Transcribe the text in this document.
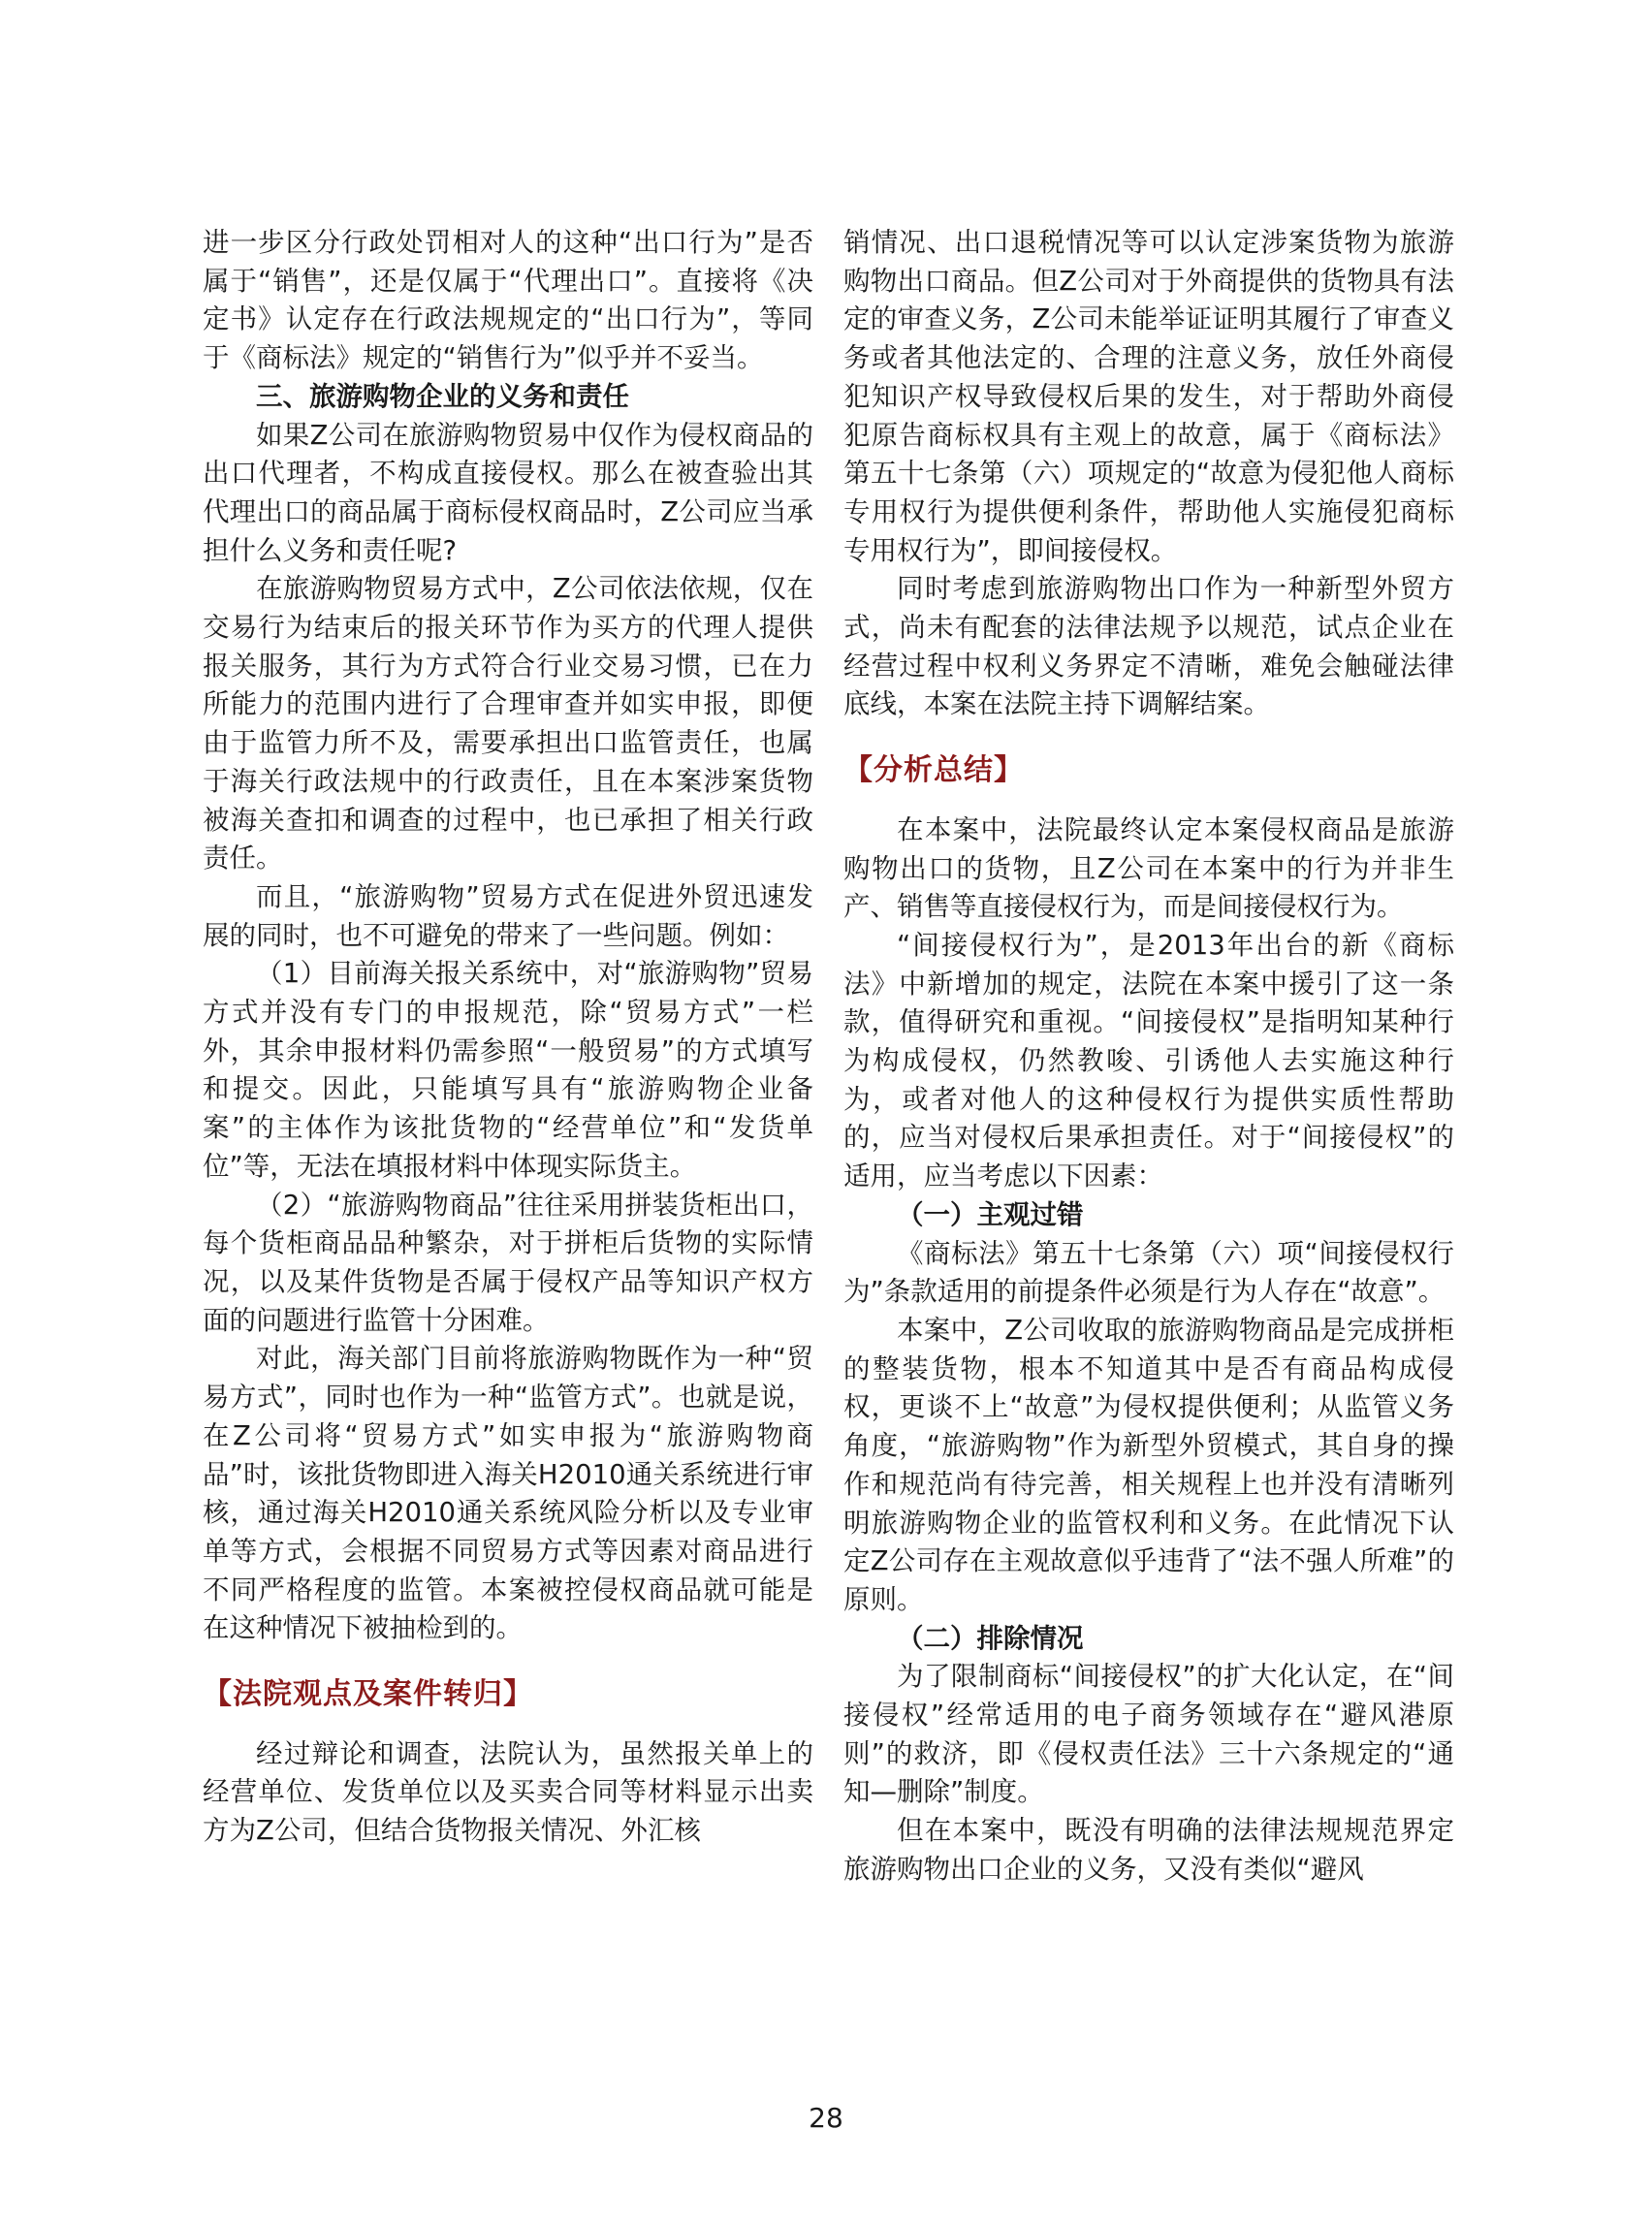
进一步区分行政处罚相对人的这种“出口行为”是否属于“销售”，还是仅属于“代理出口”。直接将《决定书》认定存在行政法规规定的“出口行为”，等同于《商标法》规定的“销售行为”似乎并不妥当。

三、旅游购物企业的义务和责任

如果Z公司在旅游购物贸易中仅作为侵权商品的出口代理者，不构成直接侵权。那么在被查验出其代理出口的商品属于商标侵权商品时，Z公司应当承担什么义务和责任呢?

在旅游购物贸易方式中，Z公司依法依规，仅在交易行为结束后的报关环节作为买方的代理人提供报关服务，其行为方式符合行业交易习惯，已在力所能力的范围内进行了合理审查并如实申报，即便由于监管力所不及，需要承担出口监管责任，也属于海关行政法规中的行政责任，且在本案涉案货物被海关查扣和调查的过程中，也已承担了相关行政责任。

而且，“旅游购物”贸易方式在促进外贸迅速发展的同时，也不可避免的带来了一些问题。例如：

（1）目前海关报关系统中，对“旅游购物”贸易方式并没有专门的申报规范，除“贸易方式”一栏外，其余申报材料仍需参照“一般贸易”的方式填写和提交。因此，只能填写具有“旅游购物企业备案”的主体作为该批货物的“经营单位”和“发货单位”等，无法在填报材料中体现实际货主。

（2）“旅游购物商品”往往采用拼装货柜出口，每个货柜商品品种繁杂，对于拼柜后货物的实际情况，以及某件货物是否属于侵权产品等知识产权方面的问题进行监管十分困难。

对此，海关部门目前将旅游购物既作为一种“贸易方式”，同时也作为一种“监管方式”。也就是说，在Z公司将“贸易方式”如实申报为“旅游购物商品”时，该批货物即进入海关H2010通关系统进行审核，通过海关H2010通关系统风险分析以及专业审单等方式，会根据不同贸易方式等因素对商品进行不同严格程度的监管。本案被控侵权商品就可能是在这种情况下被抽检到的。

【法院观点及案件转归】

经过辩论和调查，法院认为，虽然报关单上的经营单位、发货单位以及买卖合同等材料显示出卖方为Z公司，但结合货物报关情况、外汇核

销情况、出口退税情况等可以认定涉案货物为旅游购物出口商品。但Z公司对于外商提供的货物具有法定的审查义务，Z公司未能举证证明其履行了审查义务或者其他法定的、合理的注意义务，放任外商侵犯知识产权导致侵权后果的发生，对于帮助外商侵犯原告商标权具有主观上的故意，属于《商标法》第五十七条第（六）项规定的“故意为侵犯他人商标专用权行为提供便利条件，帮助他人实施侵犯商标专用权行为”，即间接侵权。

同时考虑到旅游购物出口作为一种新型外贸方式，尚未有配套的法律法规予以规范，试点企业在经营过程中权利义务界定不清晰，难免会触碰法律底线，本案在法院主持下调解结案。

【分析总结】

在本案中，法院最终认定本案侵权商品是旅游购物出口的货物，且Z公司在本案中的行为并非生产、销售等直接侵权行为，而是间接侵权行为。

“间接侵权行为”，是2013年出台的新《商标法》中新增加的规定，法院在本案中援引了这一条款，值得研究和重视。“间接侵权”是指明知某种行为构成侵权，仍然教唆、引诱他人去实施这种行为，或者对他人的这种侵权行为提供实质性帮助的，应当对侵权后果承担责任。对于“间接侵权”的适用，应当考虑以下因素：

（一）主观过错

《商标法》第五十七条第（六）项“间接侵权行为”条款适用的前提条件必须是行为人存在“故意”。

本案中，Z公司收取的旅游购物商品是完成拼柜的整装货物，根本不知道其中是否有商品构成侵权，更谈不上“故意”为侵权提供便利；从监管义务角度，“旅游购物”作为新型外贸模式，其自身的操作和规范尚有待完善，相关规程上也并没有清晰列明旅游购物企业的监管权利和义务。在此情况下认定Z公司存在主观故意似乎违背了“法不强人所难”的原则。

（二）排除情况

为了限制商标“间接侵权”的扩大化认定，在“间接侵权”经常适用的电子商务领域存在“避风港原则”的救济，即《侵权责任法》三十六条规定的“通知—删除”制度。

但在本案中，既没有明确的法律法规规范界定旅游购物出口企业的义务，又没有类似“避风

28
